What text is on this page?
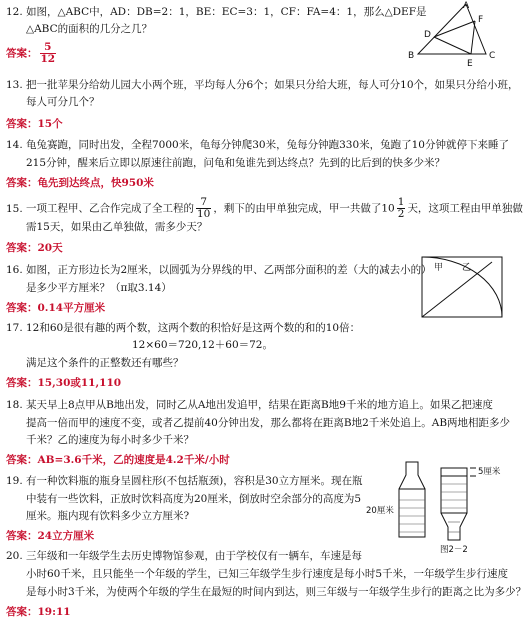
12. 如图，△ABC中，AD：DB=2：1，BE：EC=3：1，CF：FA=4：1，那么△DEF是
△ABC的面积的几分之几？
答案： $\frac{5}{12}$
A
B	C
D
E
F
13. 把一批苹果分给幼儿园大小两个班，平均每人分6个；如果只分给大班，每人可分10个，如果只分给小班，
每人可分几个？
答案：15个
14. 龟兔赛跑，同时出发，全程7000米，龟每分钟爬30米，兔每分钟跑330米，兔跑了10分钟就停下来睡了
215分钟，醒来后立即以原速往前跑，问龟和兔谁先到达终点？先到的比后到的快多少米？
答案：龟先到达终点，快950米
15. 一项工程甲、乙合作完成了全工程的 $\frac{7}{10}$ ，剩下的由甲单独完成，甲一共做了$10 \frac{1}{2}$ 天，这项工程由甲单独做
需15天，如果由乙单独做，需多少天？
答案：20天
16. 如图，正方形边长为2厘米，以圆弧为分界线的甲、乙两部分面积的差（大的减去小的）
是多少平方厘米？（π取3.14）
答案：0.14平方厘米
甲 乙
17. 12和60是很有趣的两个数，这两个数的积恰好是这两个数的和的10倍：
12×60＝720,12＋60＝72。
满足这个条件的正整数还有哪些？
答案：15,30或11,110
18. 某天早上8点甲从B地出发，同时乙从A地出发追甲，结果在距离B地9千米的地方追上。如果乙把速度
提高一倍而甲的速度不变，或者乙提前40分钟出发，那么都将在距离B地2千米处追上。AB两地相距多少
千米？乙的速度为每小时多少千米？
答案：AB=3.6千米，乙的速度是4.2千米/小时
19. 有一种饮料瓶的瓶身呈圆柱形(不包括瓶颈)，容积是30立方厘米。现在瓶
中装有一些饮料，正放时饮料高度为20厘米，倒放时空余部分的高度为5
厘米。瓶内现有饮料多少立方厘米?
答案：24立方厘米
5厘米
20厘米
图2－2
20. 三年级和一年级学生去历史博物馆参观，由于学校仅有一辆车，车速是每
小时60千米，且只能坐一个年级的学生，已知三年级学生步行速度是每小时5千米，一年级学生步行速度
是每小时3千米，为使两个年级的学生在最短的时间内到达，则三年级与一年级学生步行的距离之比为多少？
答案：19:11
